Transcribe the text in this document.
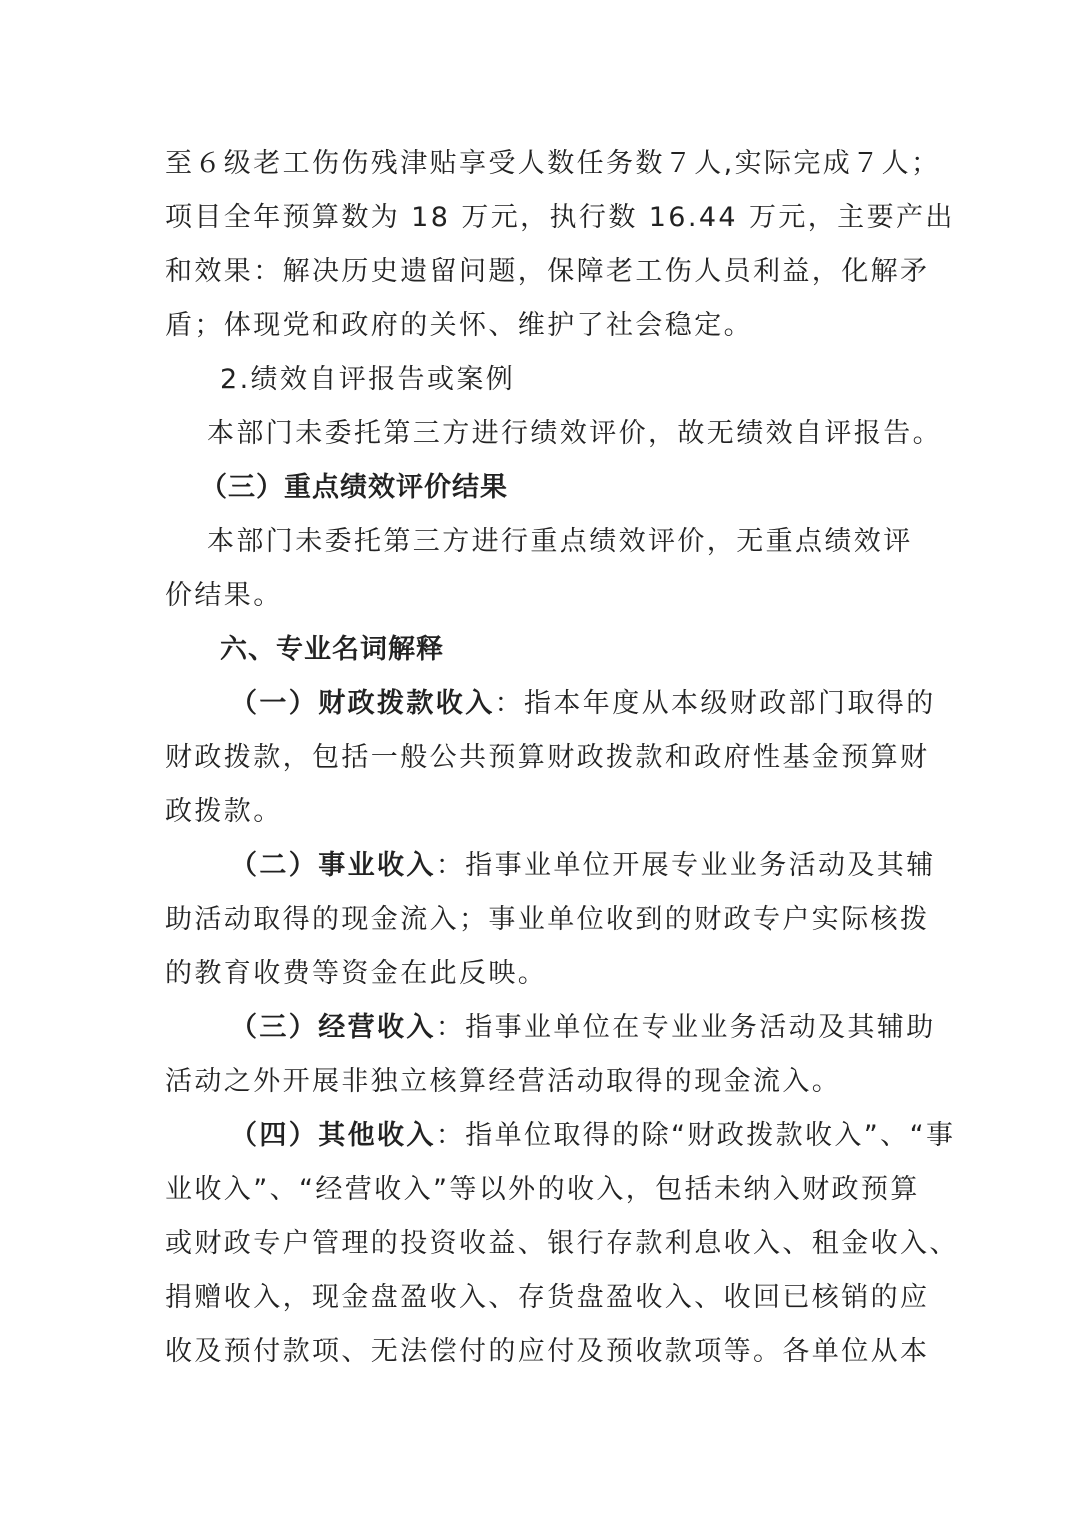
至６级老工伤伤残津贴享受人数任务数７人,实际完成７人；
项目全年预算数为 18 万元，执行数 16.44 万元，主要产出
和效果：解决历史遗留问题，保障老工伤人员利益，化解矛
盾；体现党和政府的关怀、维护了社会稳定。
2.绩效自评报告或案例
本部门未委托第三方进行绩效评价，故无绩效自评报告。
（三）重点绩效评价结果
本部门未委托第三方进行重点绩效评价，无重点绩效评
价结果。
六、专业名词解释
（一）财政拨款收入：指本年度从本级财政部门取得的
财政拨款，包括一般公共预算财政拨款和政府性基金预算财
政拨款。
（二）事业收入：指事业单位开展专业业务活动及其辅
助活动取得的现金流入；事业单位收到的财政专户实际核拨
的教育收费等资金在此反映。
（三）经营收入：指事业单位在专业业务活动及其辅助
活动之外开展非独立核算经营活动取得的现金流入。
（四）其他收入：指单位取得的除“财政拨款收入”、“事
业收入”、“经营收入”等以外的收入，包括未纳入财政预算
或财政专户管理的投资收益、银行存款利息收入、租金收入、
捐赠收入，现金盘盈收入、存货盘盈收入、收回已核销的应
收及预付款项、无法偿付的应付及预收款项等。各单位从本
